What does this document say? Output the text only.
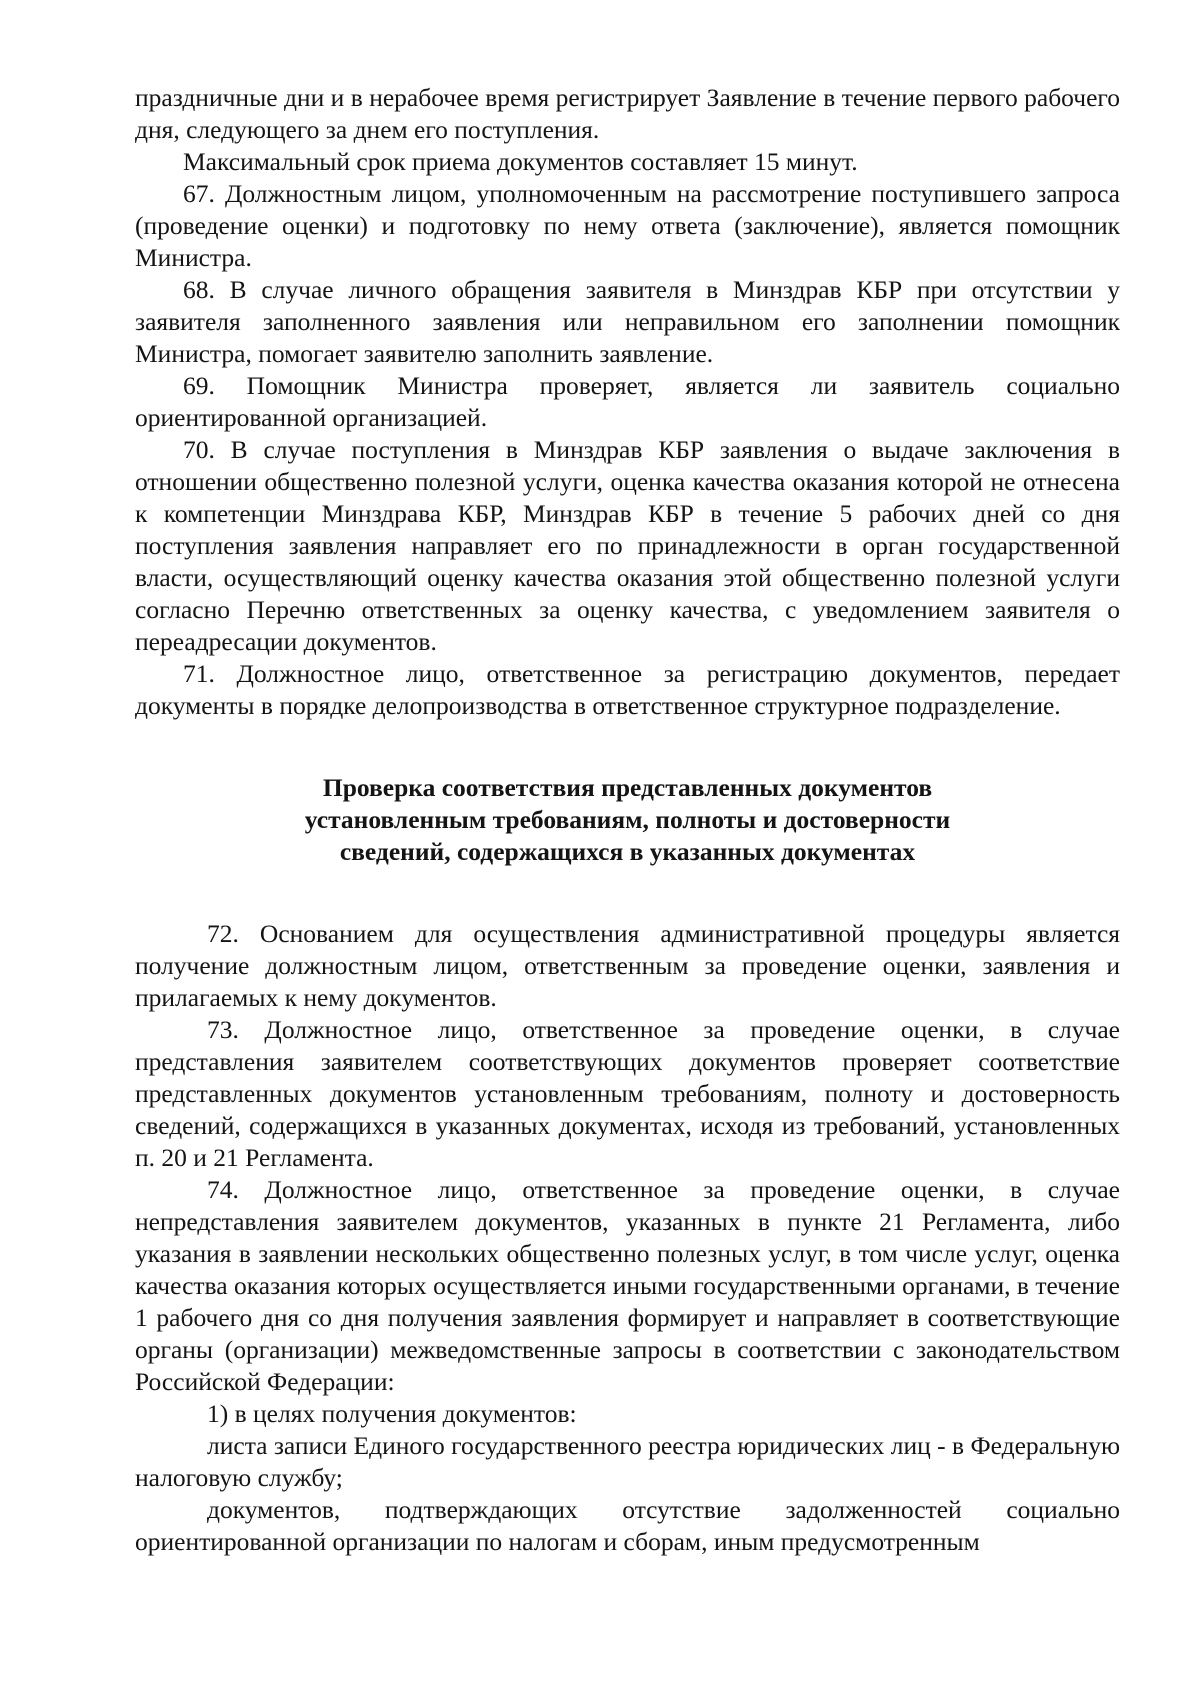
праздничные дни и в нерабочее время регистрирует Заявление в течение первого рабочего дня, следующего за днем его поступления.

Максимальный срок приема документов составляет 15 минут.

67. Должностным лицом, уполномоченным на рассмотрение поступившего запроса (проведение оценки) и подготовку по нему ответа (заключение), является помощник Министра.

68. В случае личного обращения заявителя в Минздрав КБР при отсутствии у заявителя заполненного заявления или неправильном его заполнении помощник Министра, помогает заявителю заполнить заявление.

69. Помощник Министра проверяет, является ли заявитель социально ориентированной организацией.

70. В случае поступления в Минздрав КБР заявления о выдаче заключения в отношении общественно полезной услуги, оценка качества оказания которой не отнесена к компетенции Минздрава КБР, Минздрав КБР в течение 5 рабочих дней со дня поступления заявления направляет его по принадлежности в орган государственной власти, осуществляющий оценку качества оказания этой общественно полезной услуги согласно Перечню ответственных за оценку качества, с уведомлением заявителя о переадресации документов.

71. Должностное лицо, ответственное за регистрацию документов, передает документы в порядке делопроизводства в ответственное структурное подразделение.

Проверка соответствия представленных документов
установленным требованиям, полноты и достоверности
сведений, содержащихся в указанных документах

72. Основанием для осуществления административной процедуры является получение должностным лицом, ответственным за проведение оценки, заявления и прилагаемых к нему документов.

73. Должностное лицо, ответственное за проведение оценки, в случае представления заявителем соответствующих документов проверяет соответствие представленных документов установленным требованиям, полноту и достоверность сведений, содержащихся в указанных документах, исходя из требований, установленных п. 20 и 21 Регламента.

74. Должностное лицо, ответственное за проведение оценки, в случае непредставления заявителем документов, указанных в пункте 21 Регламента, либо указания в заявлении нескольких общественно полезных услуг, в том числе услуг, оценка качества оказания которых осуществляется иными государственными органами, в течение 1 рабочего дня со дня получения заявления формирует и направляет в соответствующие органы (организации) межведомственные запросы в соответствии с законодательством Российской Федерации:

1) в целях получения документов:

листа записи Единого государственного реестра юридических лиц - в Федеральную налоговую службу;

документов, подтверждающих отсутствие задолженностей социально ориентированной организации по налогам и сборам, иным предусмотренным
